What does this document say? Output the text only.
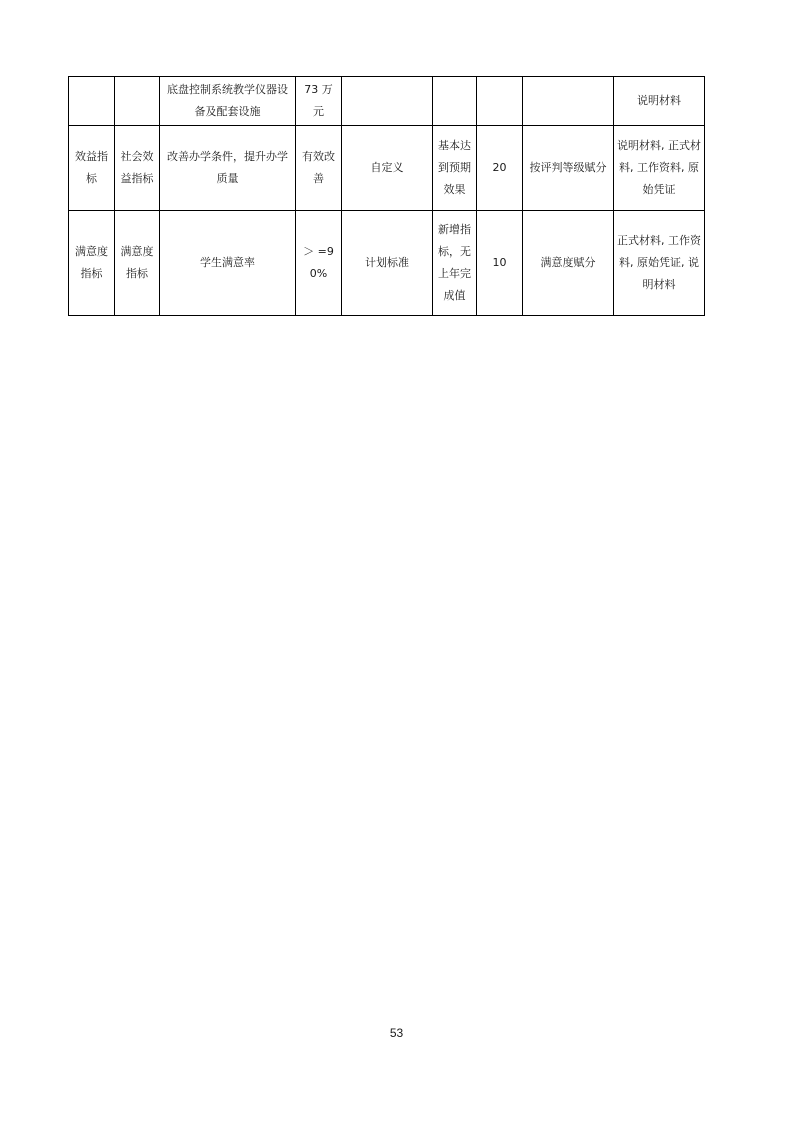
		底盘控制系统教学仪器设备及配套设施	73 万元					说明材料
效益指标	社会效益指标	改善办学条件，提升办学质量	有效改善	自定义	基本达到预期效果	20	按评判等级赋分	说明材料, 正式材料, 工作资料, 原始凭证
满意度指标	满意度指标	学生满意率	＞ =90%	计划标准	新增指标，无上年完成值	10	满意度赋分	正式材料, 工作资料, 原始凭证, 说明材料
53
